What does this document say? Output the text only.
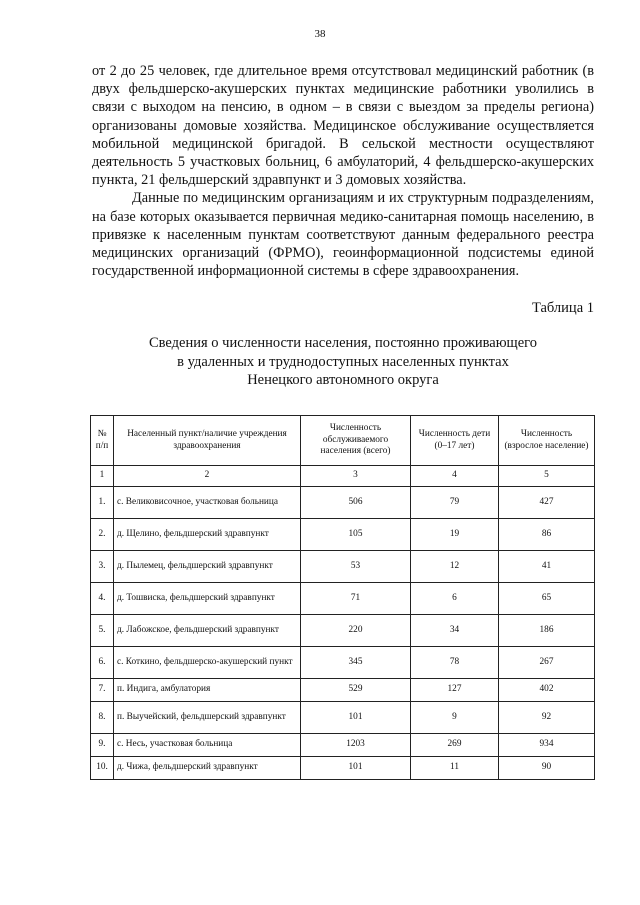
38

от 2 до 25 человек, где длительное время отсутствовал медицинский работник (в двух фельдшерско-акушерских пунктах медицинские работники уволились в связи с выходом на пенсию, в одном – в связи с выездом за пределы региона) организованы домовые хозяйства. Медицинское обслуживание осуществляется мобильной медицинской бригадой. В сельской местности осуществляют деятельность 5 участковых больниц, 6 амбулаторий, 4 фельдшерско-акушерских пункта, 21 фельдшерский здравпункт и 3 домовых хозяйства.

Данные по медицинским организациям и их структурным подразделениям, на базе которых оказывается первичная медико-санитарная помощь населению, в привязке к населенным пунктам соответствуют данным федерального реестра медицинских организаций (ФРМО), геоинформационной подсистемы единой государственной информационной системы в сфере здравоохранения.

Таблица 1
Сведения о численности населения, постоянно проживающего
в удаленных и труднодоступных населенных пунктах
Ненецкого автономного округа
№ п/п	Населенный пункт/наличие учреждения здравоохранения	Численность обслуживаемого населения (всего)	Численность дети (0–17 лет)	Численность (взрослое население)
1	2	3	4	5
1.	с. Великовисочное, участковая больница	506	79	427
2.	д. Щелино, фельдшерский здравпункт	105	19	86
3.	д. Пылемец, фельдшерский здравпункт	53	12	41
4.	д. Тошвиска, фельдшерский здравпункт	71	6	65
5.	д. Лабожское, фельдшерский здравпункт	220	34	186
6.	с. Коткино, фельдшерско-акушерский пункт	345	78	267
7.	п. Индига, амбулатория	529	127	402
8.	п. Выучейский, фельдшерский здравпункт	101	9	92
9.	с. Несь, участковая больница	1203	269	934
10.	д. Чижа, фельдшерский здравпункт	101	11	90
